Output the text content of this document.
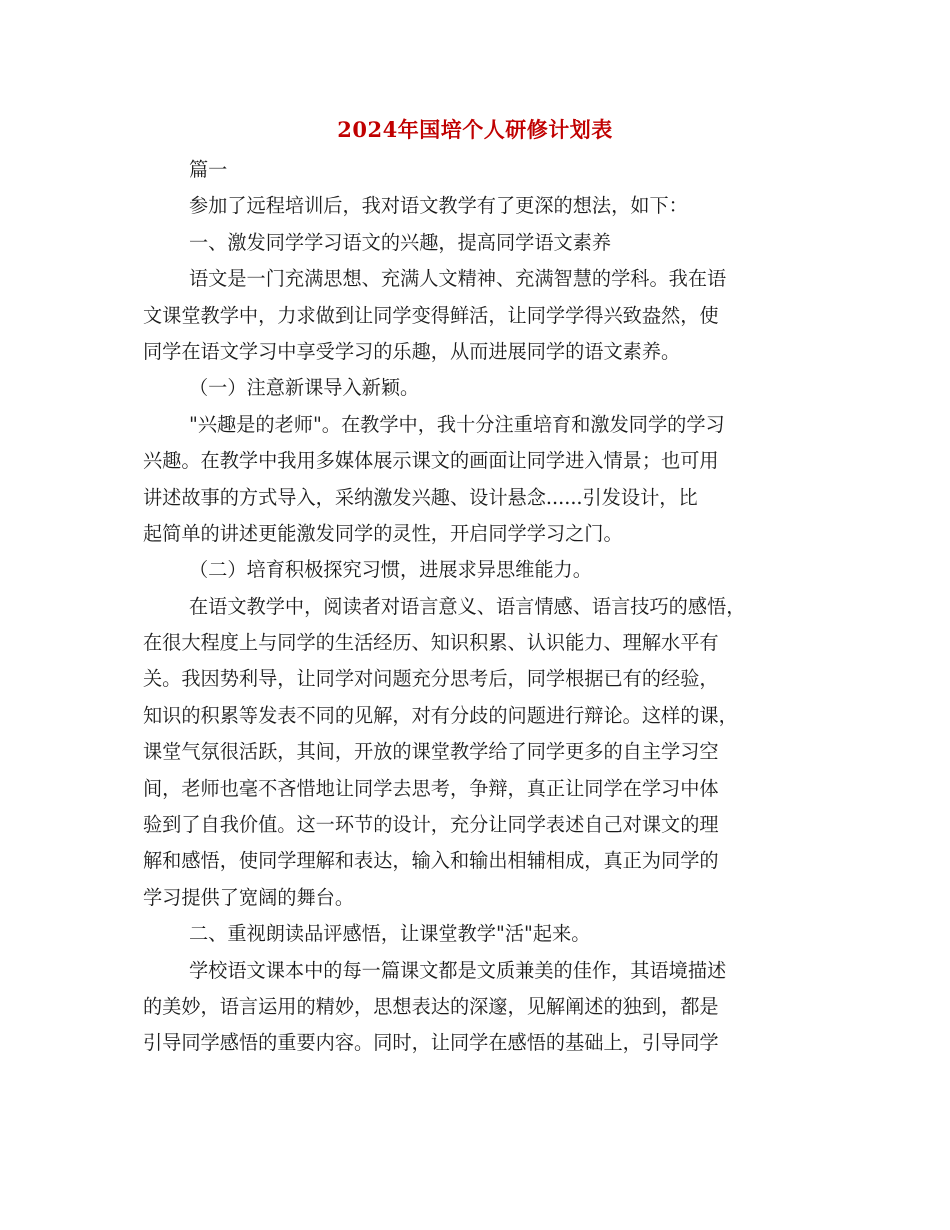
2024年国培个人研修计划表
篇一
参加了远程培训后，我对语文教学有了更深的想法，如下：
一、激发同学学习语文的兴趣，提高同学语文素养
语文是一门充满思想、充满人文精神、充满智慧的学科。我在语
文课堂教学中，力求做到让同学变得鲜活，让同学学得兴致盎然，使
同学在语文学习中享受学习的乐趣，从而进展同学的语文素养。
（一）注意新课导入新颖。
"兴趣是的老师"。在教学中，我十分注重培育和激发同学的学习
兴趣。在教学中我用多媒体展示课文的画面让同学进入情景；也可用
讲述故事的方式导入，采纳激发兴趣、设计悬念......引发设计，比
起简单的讲述更能激发同学的灵性，开启同学学习之门。
（二）培育积极探究习惯，进展求异思维能力。
在语文教学中，阅读者对语言意义、语言情感、语言技巧的感悟，
在很大程度上与同学的生活经历、知识积累、认识能力、理解水平有
关。我因势利导，让同学对问题充分思考后，同学根据已有的经验，
知识的积累等发表不同的见解，对有分歧的问题进行辩论。这样的课，
课堂气氛很活跃，其间，开放的课堂教学给了同学更多的自主学习空
间，老师也毫不吝惜地让同学去思考，争辩，真正让同学在学习中体
验到了自我价值。这一环节的设计，充分让同学表述自己对课文的理
解和感悟，使同学理解和表达，输入和输出相辅相成，真正为同学的
学习提供了宽阔的舞台。
二、重视朗读品评感悟，让课堂教学"活"起来。
学校语文课本中的每一篇课文都是文质兼美的佳作，其语境描述
的美妙，语言运用的精妙，思想表达的深邃，见解阐述的独到，都是
引导同学感悟的重要内容。同时，让同学在感悟的基础上，引导同学
